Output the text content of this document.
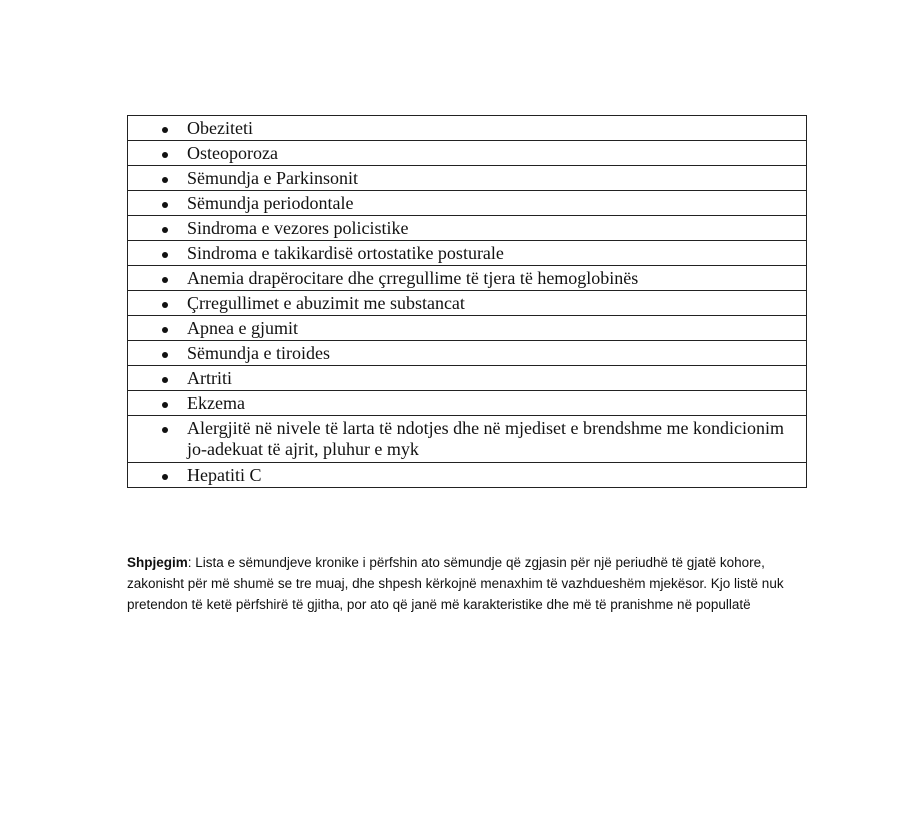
Obeziteti

Osteoporoza

Sëmundja e Parkinsonit

Sëmundja periodontale

Sindroma e vezores policistike

Sindroma e takikardisë ortostatike posturale

Anemia drapërocitare dhe çrregullime të tjera të hemoglobinës

Çrregullimet e abuzimit me substancat

Apnea e gjumit

Sëmundja e tiroides

Artriti

Ekzema

Alergjitë në nivele të larta të ndotjes dhe në mjediset e brendshme me kondicionim jo-adekuat të ajrit, pluhur e myk

Hepatiti C

Shpjegim: Lista e sëmundjeve kronike i përfshin ato sëmundje që zgjasin për një periudhë të gjatë kohore, zakonisht për më shumë se tre muaj, dhe shpesh kërkojnë menaxhim të vazhdueshëm mjekësor. Kjo listë nuk pretendon të ketë përfshirë të gjitha, por ato që janë më karakteristike dhe më të pranishme në popullatë
